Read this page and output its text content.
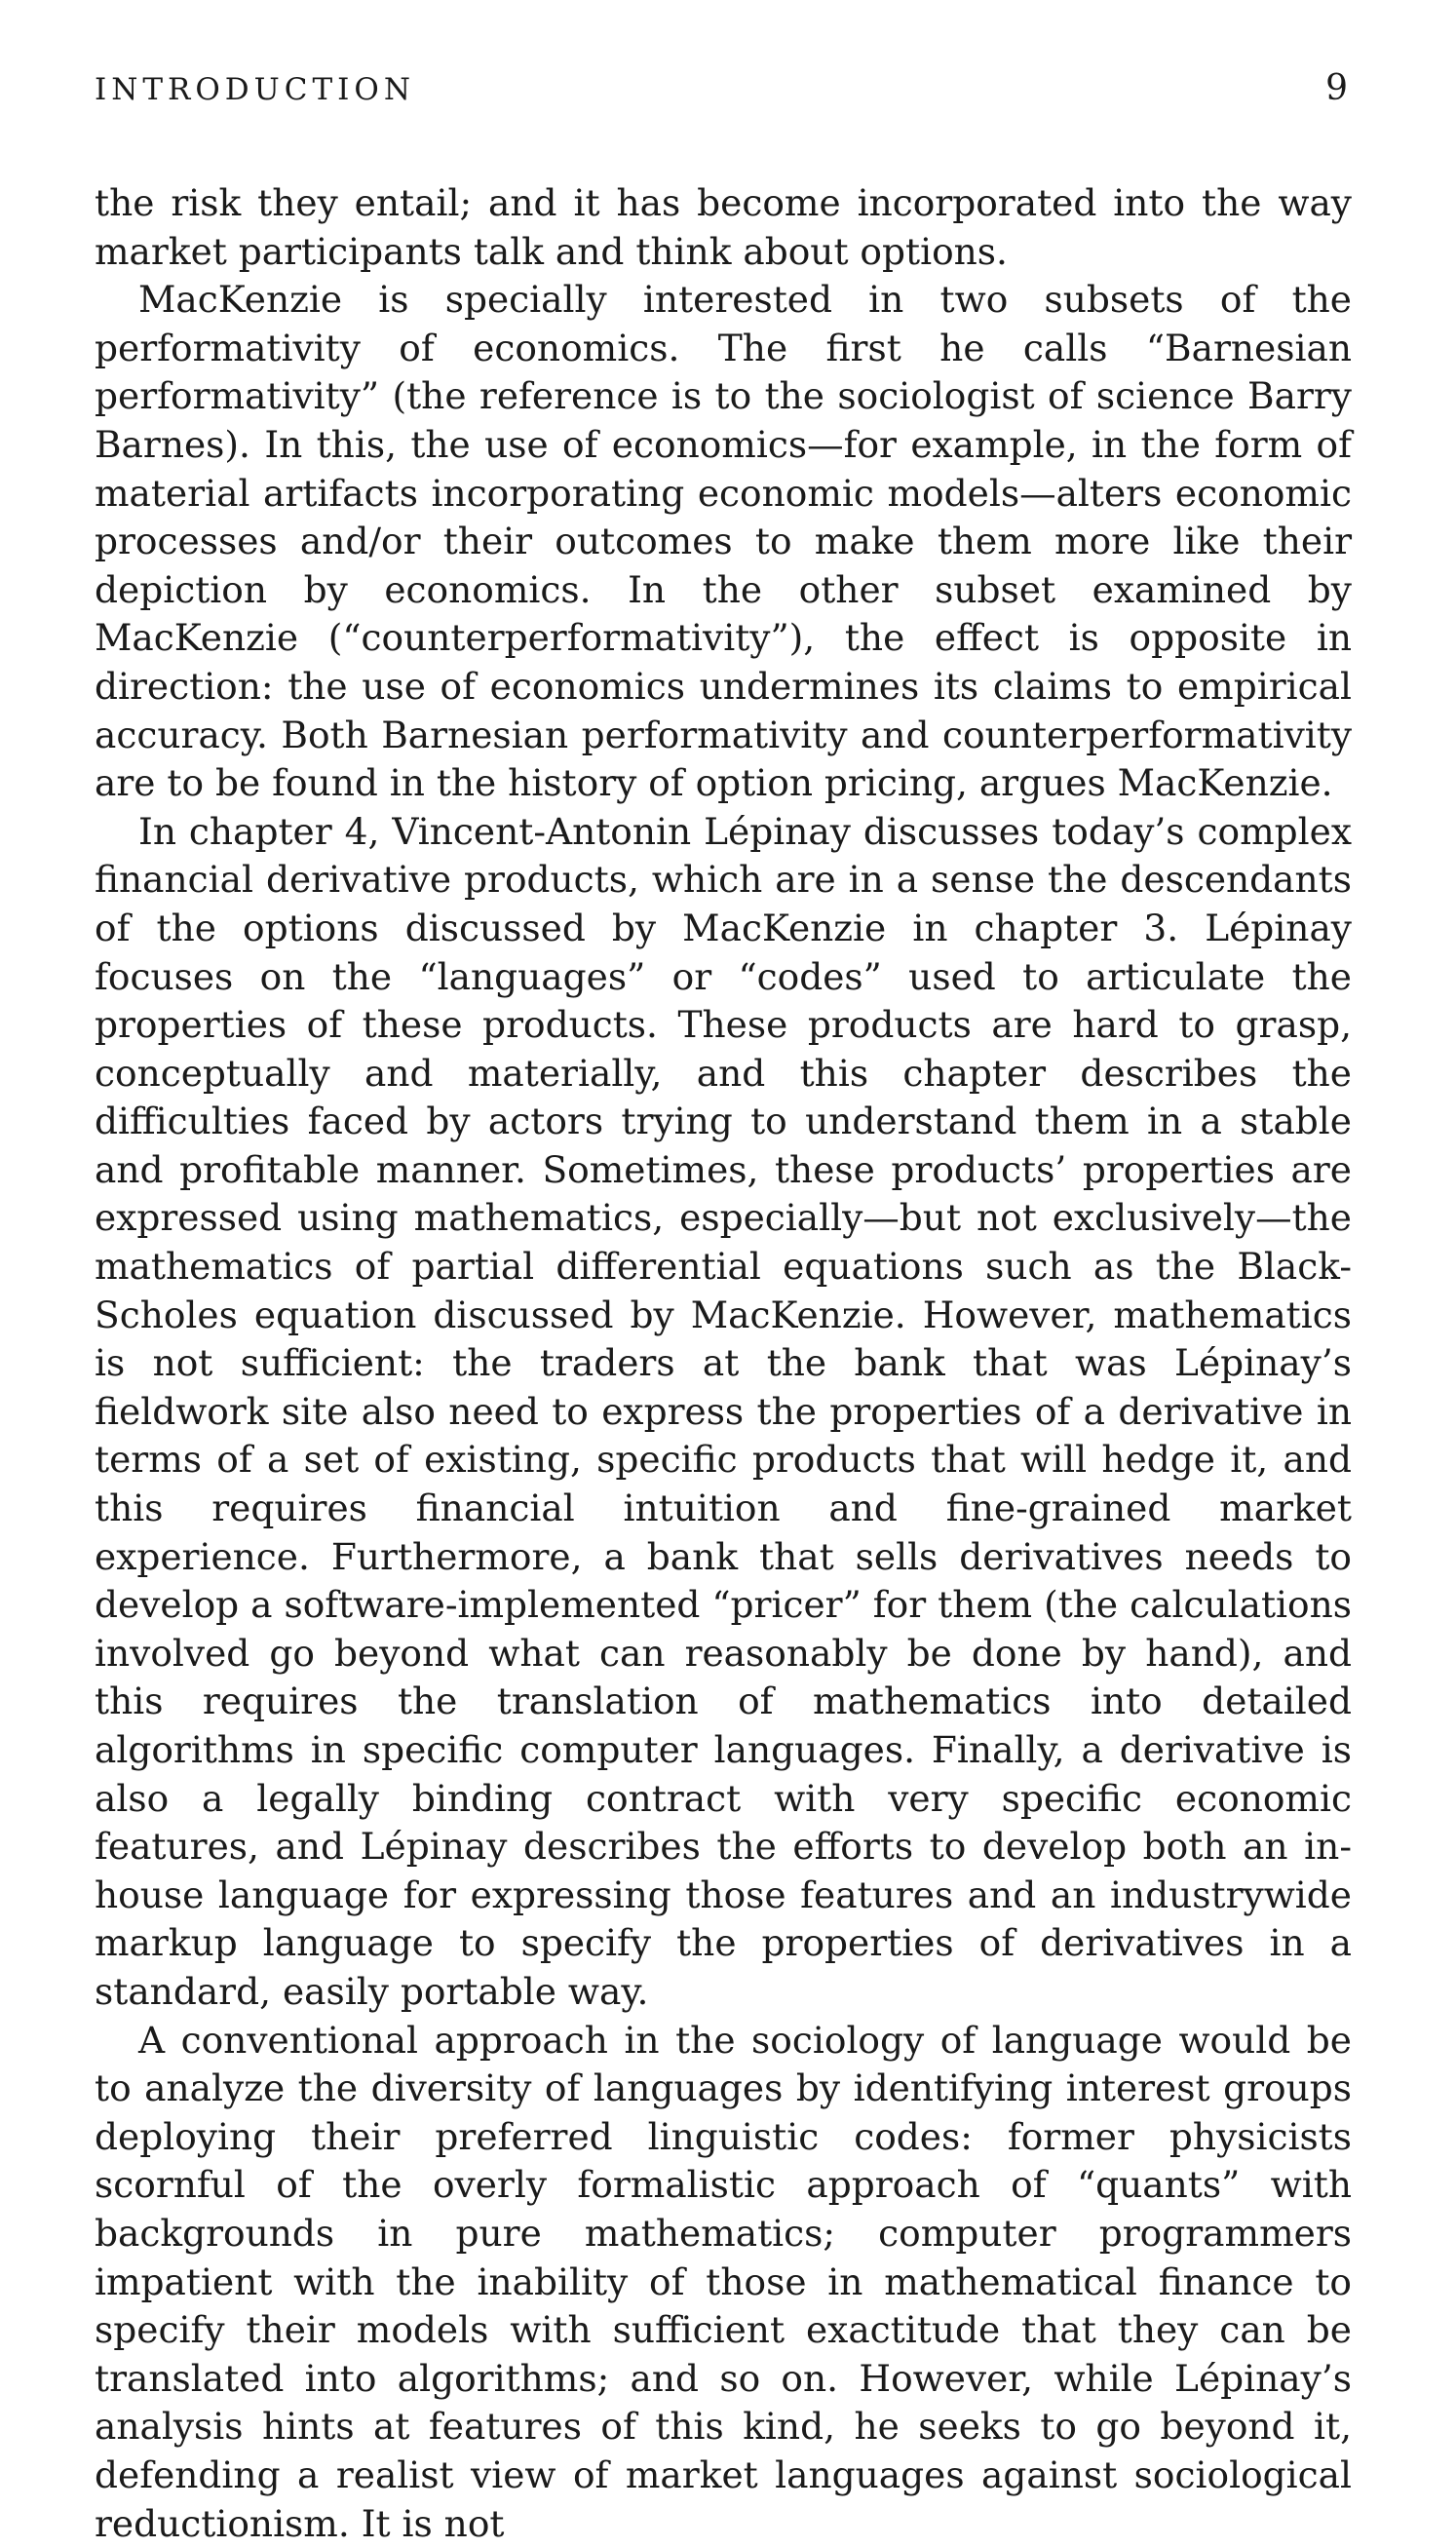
INTRODUCTION	9

the risk they entail; and it has become incorporated into the way market participants talk and think about options.

MacKenzie is specially interested in two subsets of the performativity of economics. The first he calls “Barnesian performativity” (the reference is to the sociologist of science Barry Barnes). In this, the use of economics—for example, in the form of material artifacts incorporating economic models—alters economic processes and/or their outcomes to make them more like their depiction by economics. In the other subset examined by MacKenzie (“counterperformativity”), the effect is opposite in direction: the use of economics undermines its claims to empirical accuracy. Both Barnesian performativity and counterperformativity are to be found in the history of option pricing, argues MacKenzie.

In chapter 4, Vincent-Antonin Lépinay discusses today’s complex financial derivative products, which are in a sense the descendants of the options discussed by MacKenzie in chapter 3. Lépinay focuses on the “languages” or “codes” used to articulate the properties of these products. These products are hard to grasp, conceptually and materially, and this chapter describes the difficulties faced by actors trying to understand them in a stable and profitable manner. Sometimes, these products’ properties are expressed using mathematics, especially—but not exclusively—the mathematics of partial differential equations such as the Black-Scholes equation discussed by MacKenzie. However, mathematics is not sufficient: the traders at the bank that was Lépinay’s fieldwork site also need to express the properties of a derivative in terms of a set of existing, specific products that will hedge it, and this requires financial intuition and fine-grained market experience. Furthermore, a bank that sells derivatives needs to develop a software-implemented “pricer” for them (the calculations involved go beyond what can reasonably be done by hand), and this requires the translation of mathematics into detailed algorithms in specific computer languages. Finally, a derivative is also a legally binding contract with very specific economic features, and Lépinay describes the efforts to develop both an in-house language for expressing those features and an industrywide markup language to specify the properties of derivatives in a standard, easily portable way.

A conventional approach in the sociology of language would be to analyze the diversity of languages by identifying interest groups deploying their preferred linguistic codes: former physicists scornful of the overly formalistic approach of “quants” with backgrounds in pure mathematics; computer programmers impatient with the inability of those in mathematical finance to specify their models with sufficient exactitude that they can be translated into algorithms; and so on. However, while Lépinay’s analysis hints at features of this kind, he seeks to go beyond it, defending a realist view of market languages against sociological reductionism. It is not
